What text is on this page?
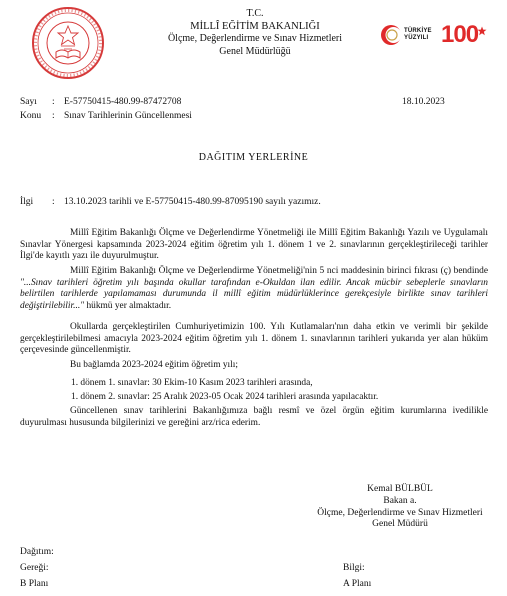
T.C.
MİLLÎ EĞİTİM BAKANLIĞI
Ölçme, Değerlendirme ve Sınav Hizmetleri
Genel Müdürlüğü
TÜRKİYE
YÜZYILI 100
Sayı : E-57750415-480.99-87472708
Konu : Sınav Tarihlerinin Güncellenmesi
18.10.2023
DAĞITIM YERLERİNE
İlgi : 13.10.2023 tarihli ve E-57750415-480.99-87095190 sayılı yazımız.

Millî Eğitim Bakanlığı Ölçme ve Değerlendirme Yönetmeliği ile Millî Eğitim Bakanlığı Yazılı ve Uygulamalı Sınavlar Yönergesi kapsamında 2023-2024 eğitim öğretim yılı 1. dönem 1 ve 2. sınavlarının gerçekleştirileceği tarihler İlgi'de kayıtlı yazı ile duyurulmuştur.

Millî Eğitim Bakanlığı Ölçme ve Değerlendirme Yönetmeliği'nin 5 nci maddesinin birinci fıkrası (ç) bendinde "...Sınav tarihleri öğretim yılı başında okullar tarafından e-Okuldan ilan edilir. Ancak mücbir sebeplerle sınavların belirtilen tarihlerde yapılamaması durumunda il millî eğitim müdürlüklerince gerekçesiyle birlikte sınav tarihleri değiştirilebilir..." hükmü yer almaktadır.

Okullarda gerçekleştirilen Cumhuriyetimizin 100. Yılı Kutlamaları'nın daha etkin ve verimli bir şekilde gerçekleştirilebilmesi amacıyla 2023-2024 eğitim öğretim yılı 1. dönem 1. sınavlarının tarihleri yukarıda yer alan hüküm çerçevesinde güncellenmiştir.

Bu bağlamda 2023-2024 eğitim öğretim yılı;

1. dönem 1. sınavlar: 30 Ekim-10 Kasım 2023 tarihleri arasında,
1. dönem 2. sınavlar: 25 Aralık 2023-05 Ocak 2024 tarihleri arasında yapılacaktır.

Güncellenen sınav tarihlerini Bakanlığımıza bağlı resmî ve özel örgün eğitim kurumlarına ivedilikle duyurulması hususunda bilgilerinizi ve gereğini arz/rica ederim.

Kemal BÜLBÜL
Bakan a.
Ölçme, Değerlendirme ve Sınav Hizmetleri
Genel Müdürü
Dağıtım:
Gereği:
B Planı
Bilgi:
A Planı
